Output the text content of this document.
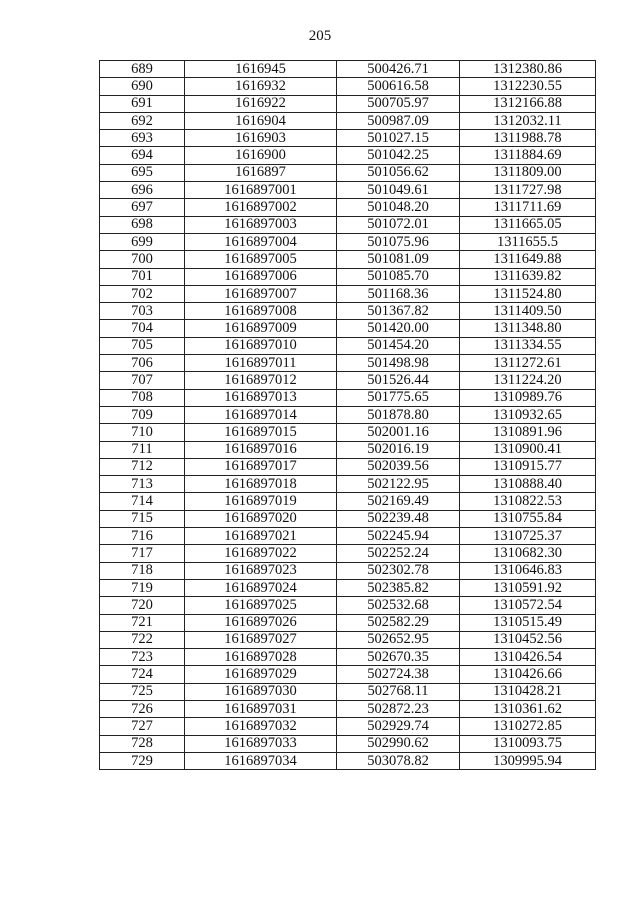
205
689	1616945	500426.71	1312380.86
690	1616932	500616.58	1312230.55
691	1616922	500705.97	1312166.88
692	1616904	500987.09	1312032.11
693	1616903	501027.15	1311988.78
694	1616900	501042.25	1311884.69
695	1616897	501056.62	1311809.00
696	1616897001	501049.61	1311727.98
697	1616897002	501048.20	1311711.69
698	1616897003	501072.01	1311665.05
699	1616897004	501075.96	1311655.5
700	1616897005	501081.09	1311649.88
701	1616897006	501085.70	1311639.82
702	1616897007	501168.36	1311524.80
703	1616897008	501367.82	1311409.50
704	1616897009	501420.00	1311348.80
705	1616897010	501454.20	1311334.55
706	1616897011	501498.98	1311272.61
707	1616897012	501526.44	1311224.20
708	1616897013	501775.65	1310989.76
709	1616897014	501878.80	1310932.65
710	1616897015	502001.16	1310891.96
711	1616897016	502016.19	1310900.41
712	1616897017	502039.56	1310915.77
713	1616897018	502122.95	1310888.40
714	1616897019	502169.49	1310822.53
715	1616897020	502239.48	1310755.84
716	1616897021	502245.94	1310725.37
717	1616897022	502252.24	1310682.30
718	1616897023	502302.78	1310646.83
719	1616897024	502385.82	1310591.92
720	1616897025	502532.68	1310572.54
721	1616897026	502582.29	1310515.49
722	1616897027	502652.95	1310452.56
723	1616897028	502670.35	1310426.54
724	1616897029	502724.38	1310426.66
725	1616897030	502768.11	1310428.21
726	1616897031	502872.23	1310361.62
727	1616897032	502929.74	1310272.85
728	1616897033	502990.62	1310093.75
729	1616897034	503078.82	1309995.94
